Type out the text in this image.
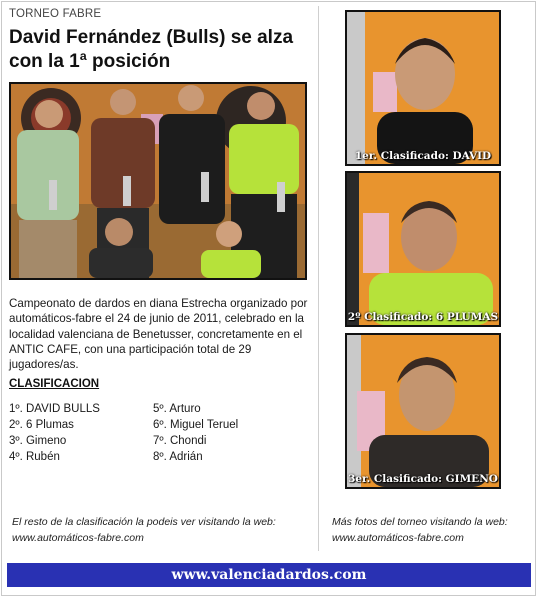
TORNEO FABRE
David Fernández (Bulls) se alza con la 1ª posición

Campeonato de dardos en diana Estrecha organizado por automáticos-fabre el 24 de junio de 2011, celebrado en la localidad valenciana de Benetusser, concretamente en el ANTIC CAFE, con una participación total de 29 jugadores/as.

CLASIFICACION
1º. DAVID BULLS
2º. 6 Plumas
3º. Gimeno
4º. Rubén
5º. Arturo
6º. Miguel Teruel
7º. Chondi
8º. Adrián
1er. Clasificado: DAVID
2º Clasificado: 6 PLUMAS
3er. Clasificado: GIMENO
El resto de la clasificación la podeis ver visitando la web:
www.automáticos-fabre.com
Más fotos del torneo visitando la web:
www.automáticos-fabre.com
www.valenciadardos.com
